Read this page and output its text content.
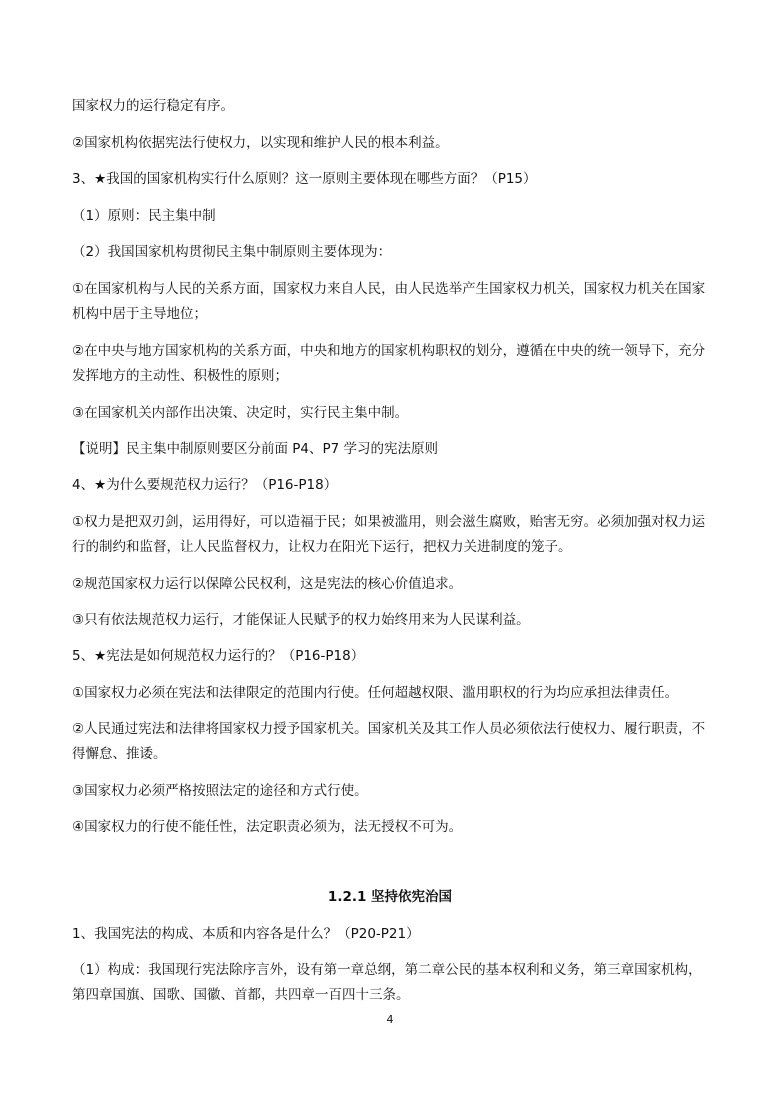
国家权力的运行稳定有序。
②国家机构依据宪法行使权力，以实现和维护人民的根本利益。
3、★我国的国家机构实行什么原则？这一原则主要体现在哪些方面？（P15）
（1）原则：民主集中制
（2）我国国家机构贯彻民主集中制原则主要体现为：
①在国家机构与人民的关系方面，国家权力来自人民，由人民选举产生国家权力机关，国家权力机关在国家机构中居于主导地位；
②在中央与地方国家机构的关系方面，中央和地方的国家机构职权的划分，遵循在中央的统一领导下，充分发挥地方的主动性、积极性的原则；
③在国家机关内部作出决策、决定时，实行民主集中制。
【说明】民主集中制原则要区分前面 P4、P7 学习的宪法原则
4、★为什么要规范权力运行？（P16-P18）
①权力是把双刃剑，运用得好，可以造福于民；如果被滥用，则会滋生腐败，贻害无穷。必须加强对权力运行的制约和监督，让人民监督权力，让权力在阳光下运行，把权力关进制度的笼子。
②规范国家权力运行以保障公民权利，这是宪法的核心价值追求。
③只有依法规范权力运行，才能保证人民赋予的权力始终用来为人民谋利益。
5、★宪法是如何规范权力运行的？（P16-P18）
①国家权力必须在宪法和法律限定的范围内行使。任何超越权限、滥用职权的行为均应承担法律责任。
②人民通过宪法和法律将国家权力授予国家机关。国家机关及其工作人员必须依法行使权力、履行职责，不得懈怠、推诿。
③国家权力必须严格按照法定的途径和方式行使。
④国家权力的行使不能任性，法定职责必须为，法无授权不可为。
1.2.1 坚持依宪治国
1、我国宪法的构成、本质和内容各是什么？（P20-P21）
（1）构成：我国现行宪法除序言外，设有第一章总纲，第二章公民的基本权利和义务，第三章国家机构，第四章国旗、国歌、国徽、首都，共四章一百四十三条。
4
